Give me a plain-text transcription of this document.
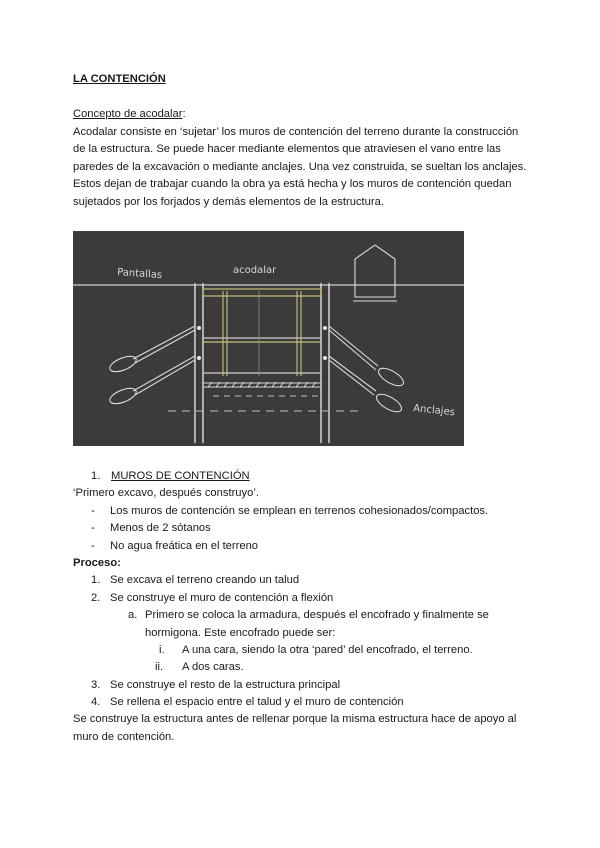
LA CONTENCIÓN
Concepto de acodalar:
Acodalar consiste en ‘sujetar’ los muros de contención del terreno durante la construcción
de la estructura. Se puede hacer mediante elementos que atraviesen el vano entre las
paredes de la excavación o mediante anclajes. Una vez construida, se sueltan los anclajes.
Estos dejan de trabajar cuando la obra ya está hecha y los muros de contención quedan
sujetados por los forjados y demás elementos de la estructura.
Pantallas	acodalar
Anclajes
1. MUROS DE CONTENCIÓN
‘Primero excavo, después construyo’.
- Los muros de contención se emplean en terrenos cohesionados/compactos.
- Menos de 2 sótanos
- No agua freática en el terreno
Proceso:
1. Se excava el terreno creando un talud
2. Se construye el muro de contención a flexión
a. Primero se coloca la armadura, después el encofrado y finalmente se
hormigona. Este encofrado puede ser:
i. A una cara, siendo la otra ‘pared’ del encofrado, el terreno.
ii. A dos caras.
3. Se construye el resto de la estructura principal
4. Se rellena el espacio entre el talud y el muro de contención
Se construye la estructura antes de rellenar porque la misma estructura hace de apoyo al
muro de contención.
